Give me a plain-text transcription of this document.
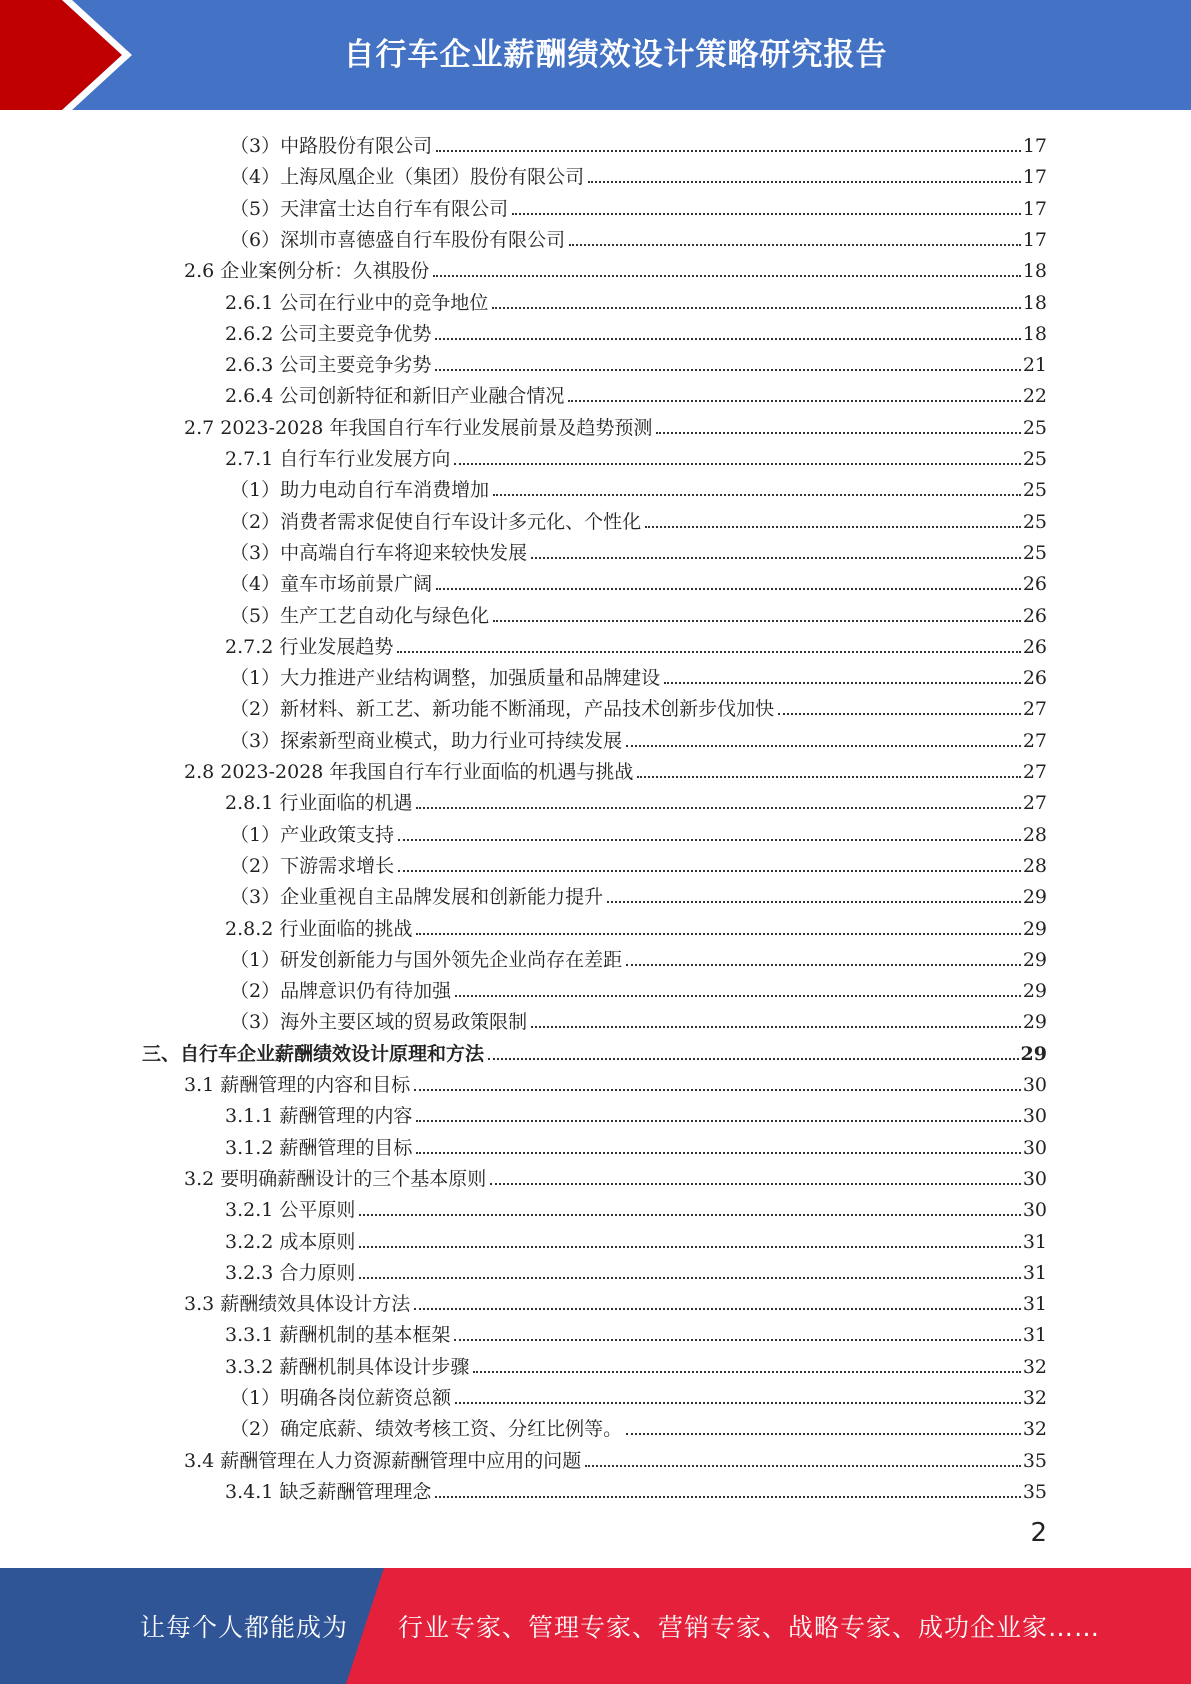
自行车企业薪酬绩效设计策略研究报告
（3）中路股份有限公司	17
（4）上海凤凰企业（集团）股份有限公司	17
（5）天津富士达自行车有限公司	17
（6）深圳市喜德盛自行车股份有限公司	17
2.6 企业案例分析：久祺股份	18
2.6.1 公司在行业中的竞争地位	18
2.6.2 公司主要竞争优势	18
2.6.3 公司主要竞争劣势	21
2.6.4 公司创新特征和新旧产业融合情况	22
2.7 2023-2028 年我国自行车行业发展前景及趋势预测	25
2.7.1 自行车行业发展方向	25
（1）助力电动自行车消费增加	25
（2）消费者需求促使自行车设计多元化、个性化	25
（3）中高端自行车将迎来较快发展	25
（4）童车市场前景广阔	26
（5）生产工艺自动化与绿色化	26
2.7.2 行业发展趋势	26
（1）大力推进产业结构调整，加强质量和品牌建设	26
（2）新材料、新工艺、新功能不断涌现，产品技术创新步伐加快	27
（3）探索新型商业模式，助力行业可持续发展	27
2.8 2023-2028 年我国自行车行业面临的机遇与挑战	27
2.8.1 行业面临的机遇	27
（1）产业政策支持	28
（2）下游需求增长	28
（3）企业重视自主品牌发展和创新能力提升	29
2.8.2 行业面临的挑战	29
（1）研发创新能力与国外领先企业尚存在差距	29
（2）品牌意识仍有待加强	29
（3）海外主要区域的贸易政策限制	29
三、自行车企业薪酬绩效设计原理和方法	29
3.1 薪酬管理的内容和目标	30
3.1.1 薪酬管理的内容	30
3.1.2 薪酬管理的目标	30
3.2 要明确薪酬设计的三个基本原则	30
3.2.1 公平原则	30
3.2.2 成本原则	31
3.2.3 合力原则	31
3.3 薪酬绩效具体设计方法	31
3.3.1 薪酬机制的基本框架	31
3.3.2 薪酬机制具体设计步骤	32
（1）明确各岗位薪资总额	32
（2）确定底薪、绩效考核工资、分红比例等。	32
3.4 薪酬管理在人力资源薪酬管理中应用的问题	35
3.4.1 缺乏薪酬管理理念	35
2
让每个人都能成为 行业专家、管理专家、营销专家、战略专家、成功企业家……
